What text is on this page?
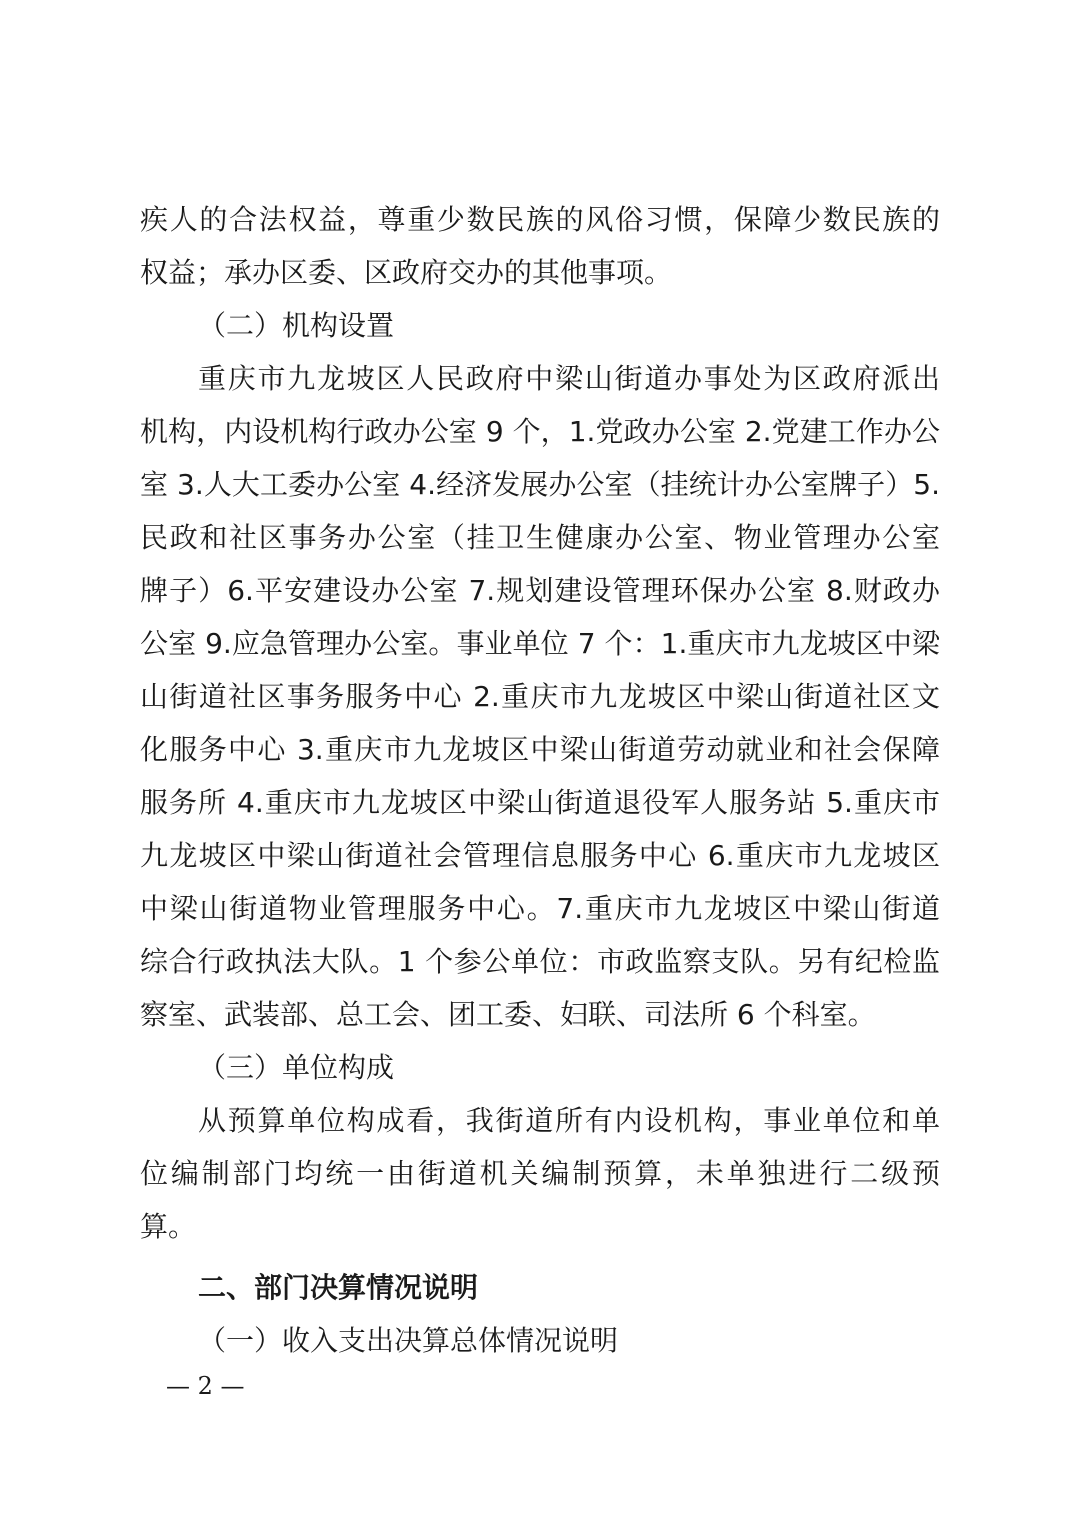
疾人的合法权益，尊重少数民族的风俗习惯，保障少数民族的
权益；承办区委、区政府交办的其他事项。
（二）机构设置
重庆市九龙坡区人民政府中梁山街道办事处为区政府派出
机构，内设机构行政办公室 9 个，1.党政办公室 2.党建工作办公
室 3.人大工委办公室 4.经济发展办公室（挂统计办公室牌子）5.
民政和社区事务办公室（挂卫生健康办公室、物业管理办公室
牌子）6.平安建设办公室 7.规划建设管理环保办公室 8.财政办
公室 9.应急管理办公室。事业单位 7 个：1.重庆市九龙坡区中梁
山街道社区事务服务中心 2.重庆市九龙坡区中梁山街道社区文
化服务中心 3.重庆市九龙坡区中梁山街道劳动就业和社会保障
服务所 4.重庆市九龙坡区中梁山街道退役军人服务站 5.重庆市
九龙坡区中梁山街道社会管理信息服务中心 6.重庆市九龙坡区
中梁山街道物业管理服务中心。7.重庆市九龙坡区中梁山街道
综合行政执法大队。1 个参公单位：市政监察支队。另有纪检监
察室、武装部、总工会、团工委、妇联、司法所 6 个科室。
（三）单位构成
从预算单位构成看，我街道所有内设机构，事业单位和单
位编制部门均统一由街道机关编制预算，未单独进行二级预
算。
二、部门决算情况说明
（一）收入支出决算总体情况说明
— 2 —
